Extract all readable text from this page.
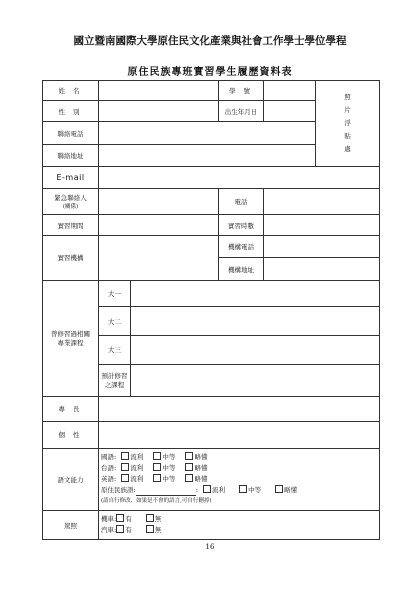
國立暨南國際大學原住民文化產業與社會工作學士學位學程
原住民族專班實習學生履歷資料表
姓 名			學 號		照
片
浮
貼
處
性 別			出生年月日		
聯絡電話					
聯絡地址					
E-mail					

緊急聯絡人
(關係)			電話		
實習期間			實習時數		
實習機構			機構電話		
			機構地址		

曾修習過相關
專業課程	大一				
	大二				
	大三				

	預計修習
之課程				

專 長					
個 性					
語文能力	國語: 流利 中等 略懂
台語: 流利 中等 略懂
英語: 流利 中等 略懂
原住民族語: : 流利 中等 略懂
(請自行修改、如果是不會的語言,可自行刪掉)				

駕照	機車: 有 無
汽車: 有 無				
16
